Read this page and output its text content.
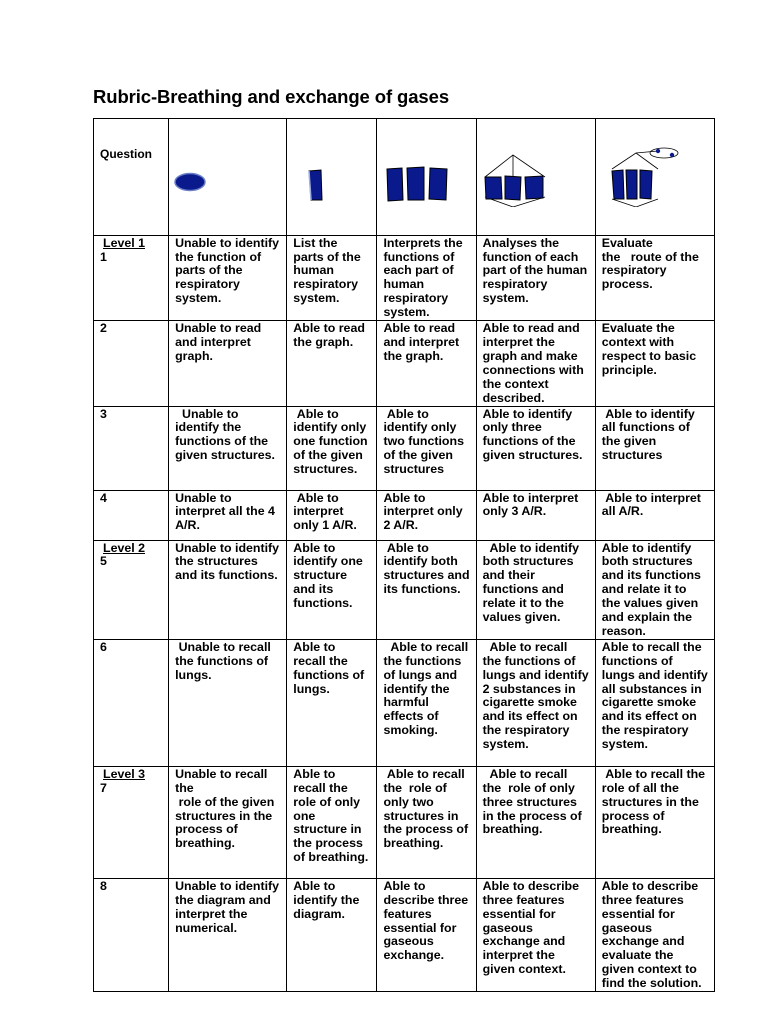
Rubric-Breathing and exchange of gases

Question

Level 1
1	Unable to identify the function of parts of the respiratory system.	List the parts of the human respiratory system.	Interprets the functions of each part of human respiratory system.	Analyses the function of each part of the human respiratory system.	Evaluate
the   route of the respiratory process.

2	Unable to read and interpret graph.	Able to read the graph.	Able to read and interpret the graph.	Able to read and interpret the graph and make connections with the context described.	Evaluate the context with respect to basic principle.

3	Unable to identify the functions of the given structures.	Able to identify only one function of the given structures.	Able to identify only two functions of the given structures	Able to identify only three functions of the given structures.	Able to identify all functions of the given structures

4	Unable to interpret all the 4 A/R.	Able to interpret only 1 A/R.	Able to interpret only 2 A/R.	Able to interpret only 3 A/R.	Able to interpret all A/R.

Level 2
5	Unable to identify the structures and its functions.	Able to identify one structure and its functions.	Able to identify both structures and its functions.	Able to identify both structures and their functions and relate it to the values given.	Able to identify both structures and its functions and relate it to the values given and explain the reason.

6	Unable to recall the functions of lungs.	Able to recall the functions of lungs.	Able to recall the functions of lungs and identify the harmful effects of smoking.	Able to recall the functions of lungs and identify 2 substances in cigarette smoke and its effect on the respiratory system.	Able to recall the functions of lungs and identify all substances in cigarette smoke and its effect on the respiratory system.

Level 3
7	Unable to recall the
role of the given structures in the process of breathing.	Able to recall the role of only one structure in the process of breathing.	Able to recall the  role of only two structures in the process of breathing.	Able to recall the  role of only three structures in the process of breathing.	Able to recall the  role of all the structures in the process of breathing.

8	Unable to identify the diagram and interpret the numerical.	Able to identify the diagram.	Able to describe three features essential for gaseous exchange.	Able to describe three features essential for gaseous exchange and interpret the given context.	Able to describe three features essential for gaseous exchange and evaluate the given context to find the solution.
